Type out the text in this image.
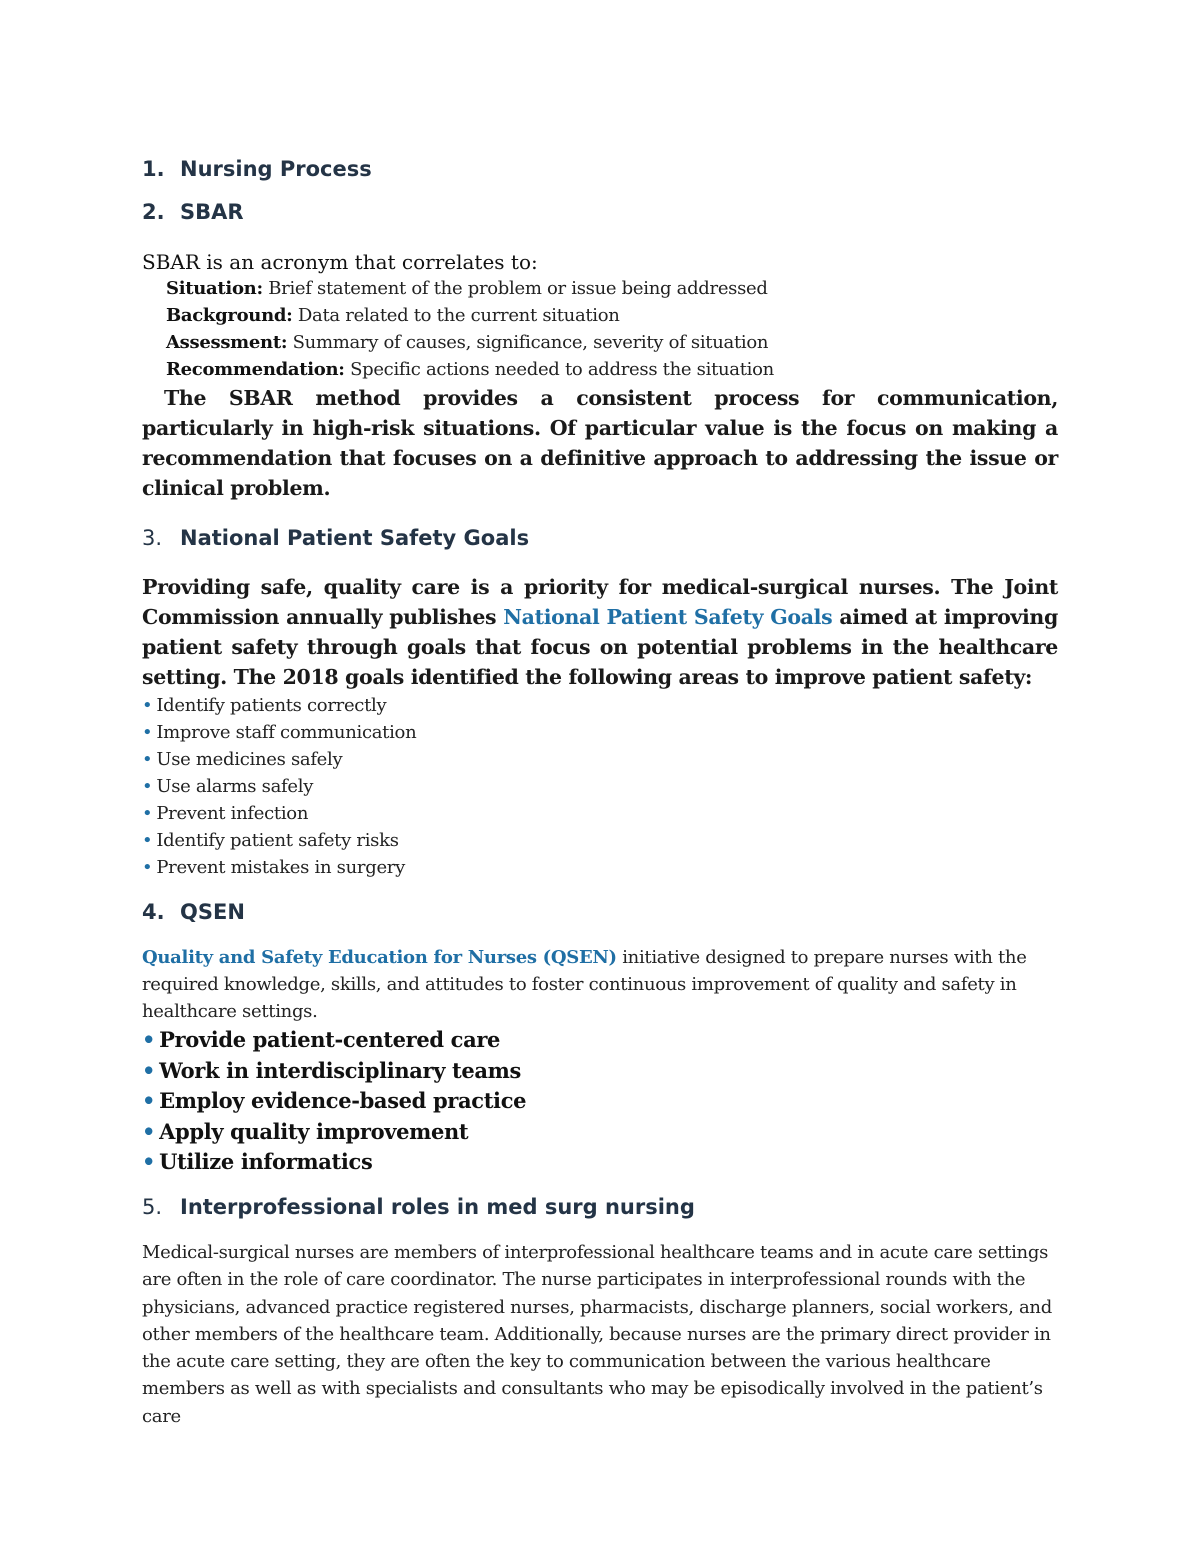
1. Nursing Process
2. SBAR

SBAR is an acronym that correlates to:

Situation: Brief statement of the problem or issue being addressed
Background: Data related to the current situation
Assessment: Summary of causes, significance, severity of situation
Recommendation: Specific actions needed to address the situation

The SBAR method provides a consistent process for communication, particularly in high-risk situations. Of particular value is the focus on making a recommendation that focuses on a definitive approach to addressing the issue or clinical problem.

3. National Patient Safety Goals

Providing safe, quality care is a priority for medical-surgical nurses. The Joint Commission annually publishes National Patient Safety Goals aimed at improving patient safety through goals that focus on potential problems in the healthcare setting. The 2018 goals identified the following areas to improve patient safety:

• Identify patients correctly
• Improve staff communication
• Use medicines safely
• Use alarms safely
• Prevent infection
• Identify patient safety risks
• Prevent mistakes in surgery
4. QSEN

Quality and Safety Education for Nurses (QSEN) initiative designed to prepare nurses with the required knowledge, skills, and attitudes to foster continuous improvement of quality and safety in healthcare settings.

• Provide patient-centered care
• Work in interdisciplinary teams
• Employ evidence-based practice
• Apply quality improvement
• Utilize informatics
5. Interprofessional roles in med surg nursing

Medical-surgical nurses are members of interprofessional healthcare teams and in acute care settings are often in the role of care coordinator. The nurse participates in interprofessional rounds with the physicians, advanced practice registered nurses, pharmacists, discharge planners, social workers, and other members of the healthcare team. Additionally, because nurses are the primary direct provider in the acute care setting, they are often the key to communication between the various healthcare members as well as with specialists and consultants who may be episodically involved in the patient’s care
